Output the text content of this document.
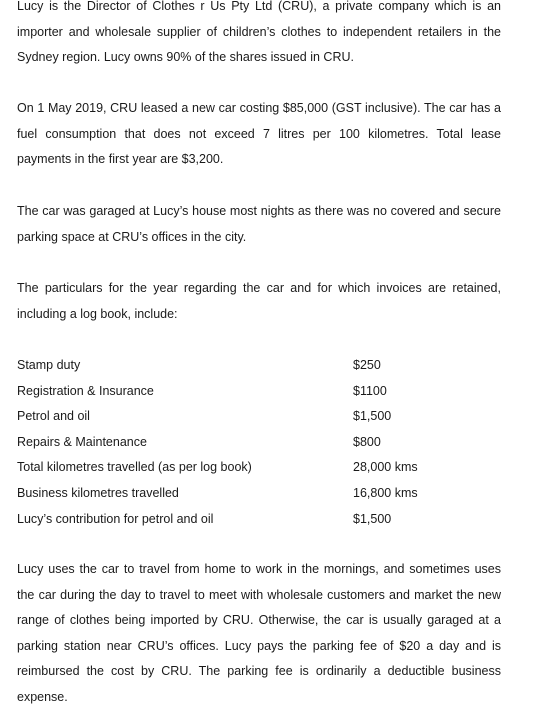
Lucy is the Director of Clothes r Us Pty Ltd (CRU), a private company which is an importer and wholesale supplier of children’s clothes to independent retailers in the Sydney region. Lucy owns 90% of the shares issued in CRU.

On 1 May 2019, CRU leased a new car costing $85,000 (GST inclusive). The car has a fuel consumption that does not exceed 7 litres per 100 kilometres. Total lease payments in the first year are $3,200.

The car was garaged at Lucy’s house most nights as there was no covered and secure parking space at CRU’s offices in the city.

The particulars for the year regarding the car and for which invoices are retained, including a log book, include:

Stamp duty	$250
Registration & Insurance	$1100
Petrol and oil	$1,500
Repairs & Maintenance	$800
Total kilometres travelled (as per log book)	28,000 kms
Business kilometres travelled	16,800 kms
Lucy’s contribution for petrol and oil	$1,500

Lucy uses the car to travel from home to work in the mornings, and sometimes uses the car during the day to travel to meet with wholesale customers and market the new range of clothes being imported by CRU. Otherwise, the car is usually garaged at a parking station near CRU’s offices. Lucy pays the parking fee of $20 a day and is reimbursed the cost by CRU. The parking fee is ordinarily a deductible business expense.
